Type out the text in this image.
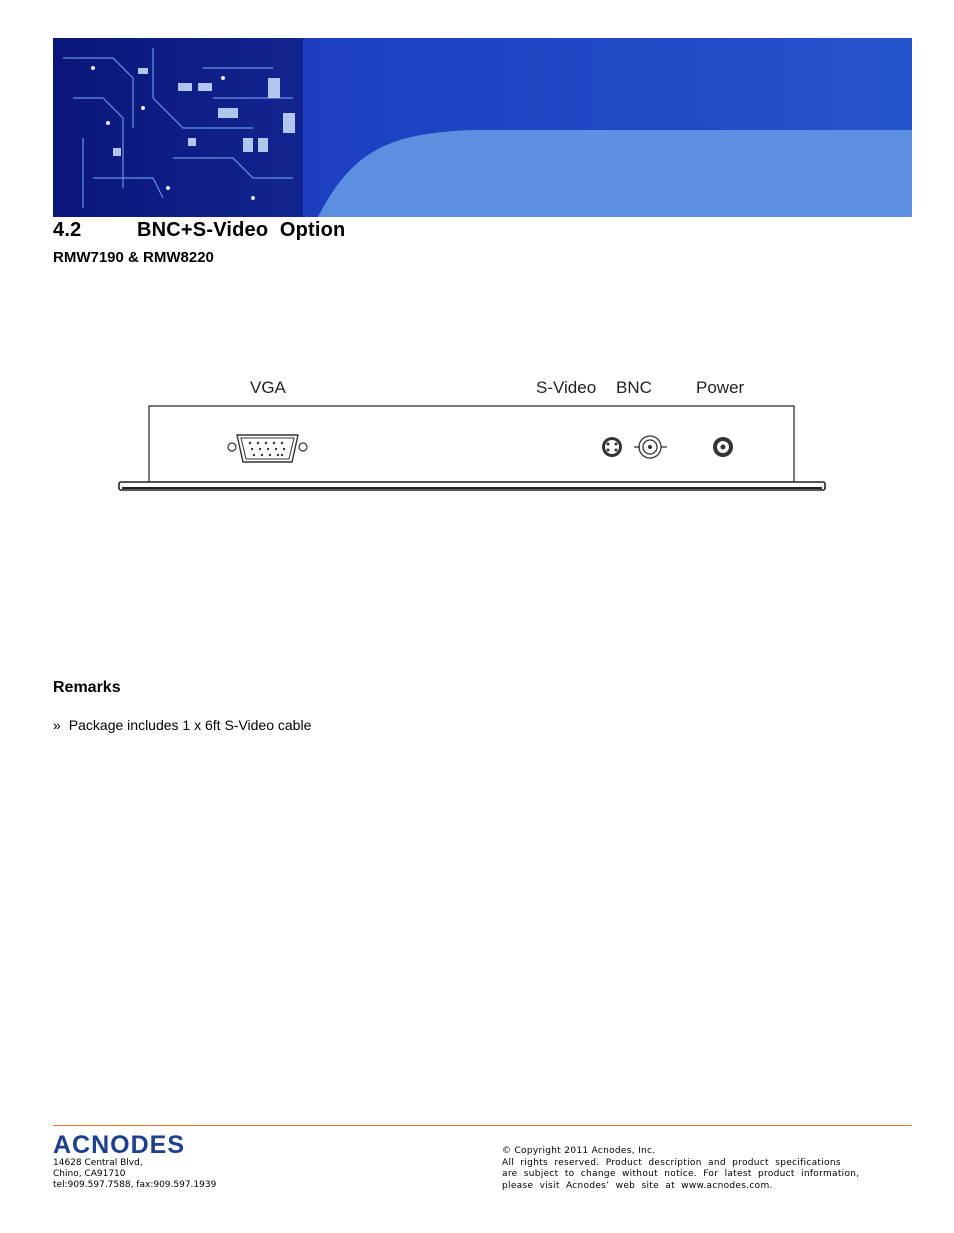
4.2	BNC+S-Video  Option
RMW7190 & RMW8220
VGA	S-Video BNC	Power
Remarks
» Package includes 1 x 6ft S-Video cable
ACNODES
14628 Central Blvd,
Chino, CA91710
tel:909.597.7588, fax:909.597.1939
© Copyright 2011 Acnodes, Inc.
All  rights  reserved.  Product  description  and  product  specifications
are  subject  to  change  without  notice.  For  latest  product  information,
please  visit  Acnodes’  web  site  at  www.acnodes.com.
